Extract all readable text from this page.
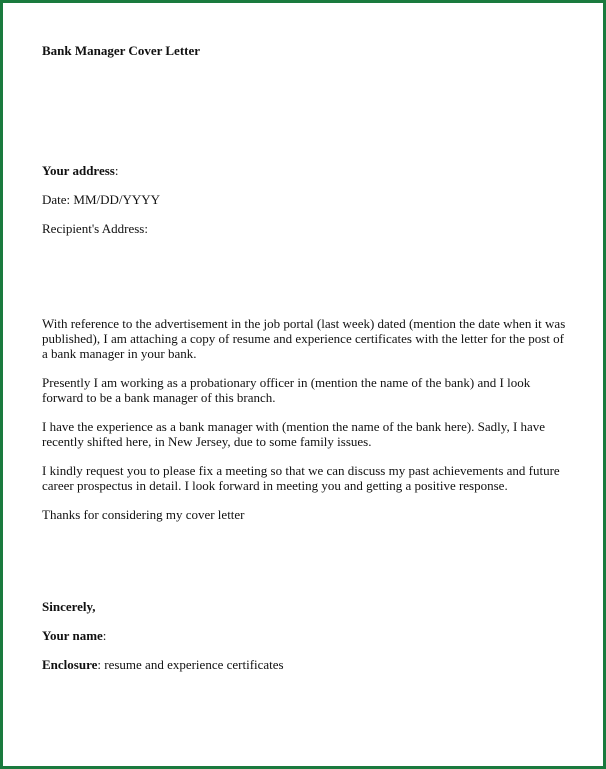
Bank Manager Cover Letter
Your address:
Date: MM/DD/YYYY
Recipient's Address:
With reference to the advertisement in the job portal (last week) dated (mention the date when it was published), I am attaching a copy of resume and experience certificates with the letter for the post of a bank manager in your bank.
Presently I am working as a probationary officer in (mention the name of the bank) and I look forward to be a bank manager of this branch.
I have the experience as a bank manager with (mention the name of the bank here). Sadly, I have recently shifted here, in New Jersey, due to some family issues.
I kindly request you to please fix a meeting so that we can discuss my past achievements and future career prospectus in detail. I look forward in meeting you and getting a positive response.
Thanks for considering my cover letter
Sincerely,
Your name:
Enclosure: resume and experience certificates
